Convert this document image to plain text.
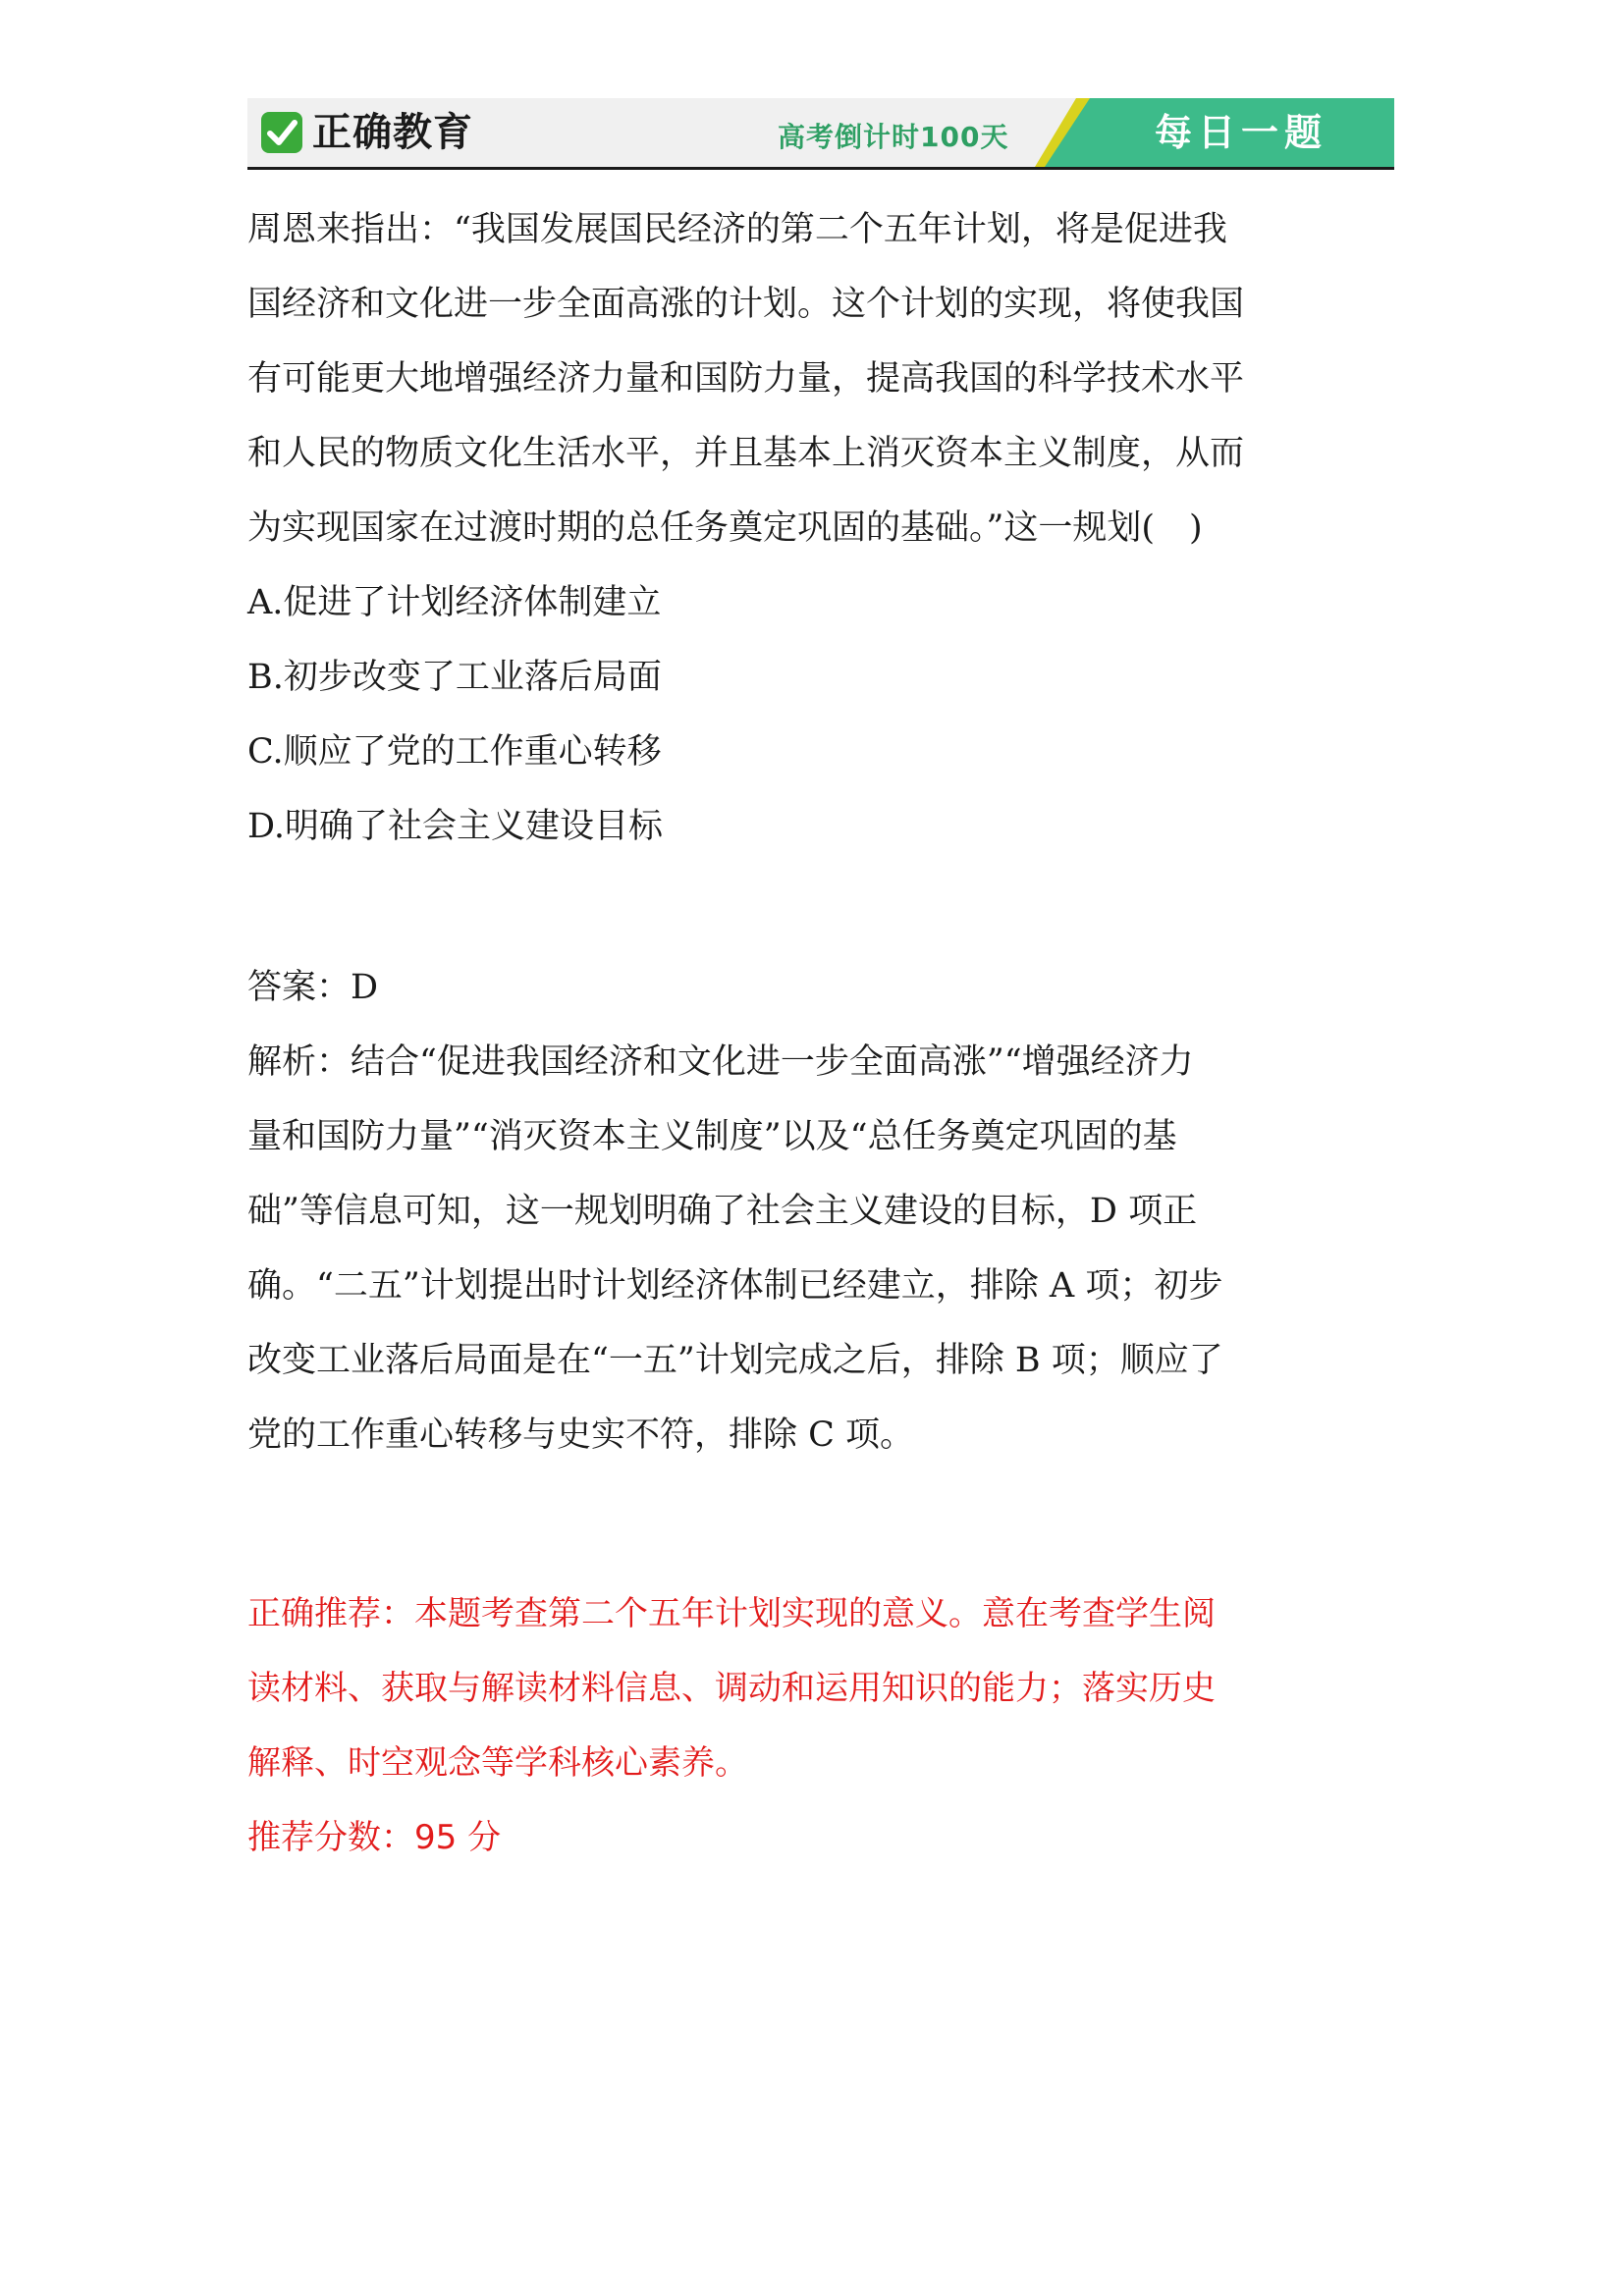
正确教育	高考倒计时100天	每日一题

周恩来指出：“我国发展国民经济的第二个五年计划，将是促进我

国经济和文化进一步全面高涨的计划。这个计划的实现，将使我国

有可能更大地增强经济力量和国防力量，提高我国的科学技术水平

和人民的物质文化生活水平，并且基本上消灭资本主义制度，从而

为实现国家在过渡时期的总任务奠定巩固的基础。”这一规划(　)

A.促进了计划经济体制建立

B.初步改变了工业落后局面

C.顺应了党的工作重心转移

D.明确了社会主义建设目标

答案：D

解析：结合“促进我国经济和文化进一步全面高涨”“增强经济力

量和国防力量”“消灭资本主义制度”以及“总任务奠定巩固的基

础”等信息可知，这一规划明确了社会主义建设的目标，D 项正

确。“二五”计划提出时计划经济体制已经建立，排除 A 项；初步

改变工业落后局面是在“一五”计划完成之后，排除 B 项；顺应了

党的工作重心转移与史实不符，排除 C 项。

正确推荐：本题考查第二个五年计划实现的意义。意在考查学生阅

读材料、获取与解读材料信息、调动和运用知识的能力；落实历史

解释、时空观念等学科核心素养。

推荐分数：95 分
